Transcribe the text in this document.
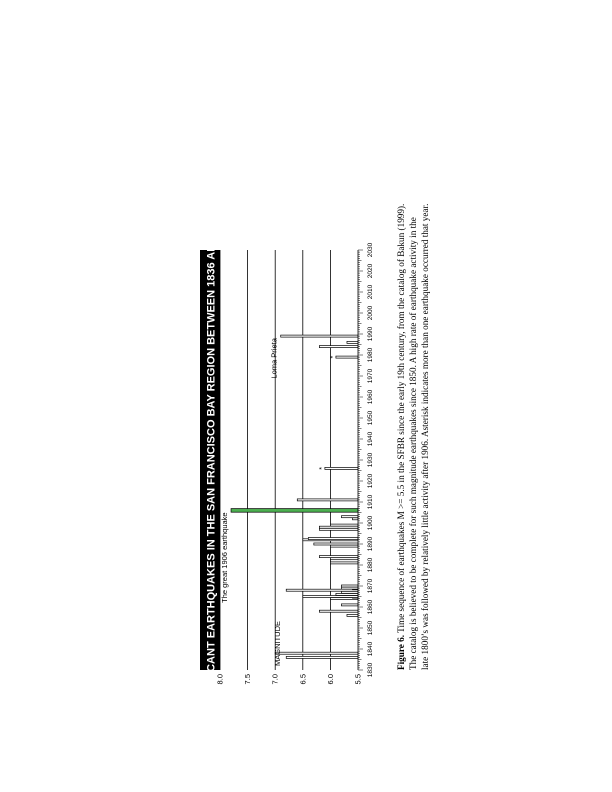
SIGNIFICANT EARTHQUAKES IN THE SAN FRANCISCO BAY REGION BETWEEN 1836 AND 1999	*
*
The great 1906 earthquake
Loma Prieta
1830
1840
1850
1860
1870
1880
1890
1900
1910
1920
1930
1940
1950
1960
1970
1980
1990
2000
2010
2020
2030
5.5
6.0
6.5
7.0
7.5
8.0
MAGNITUDE	Figure 6. Time sequence of earthquakes M >= 5.5 in the SFBR since the early 19th century, from the catalog of Bakun (1999). The catalog is believed to be complete for such magnitude earthquakes since 1850. A high rate of earthquake activity in the late 1800’s was followed by relatively little activity after 1906. Asterisk indicates more than one earthquake occurred that year.
